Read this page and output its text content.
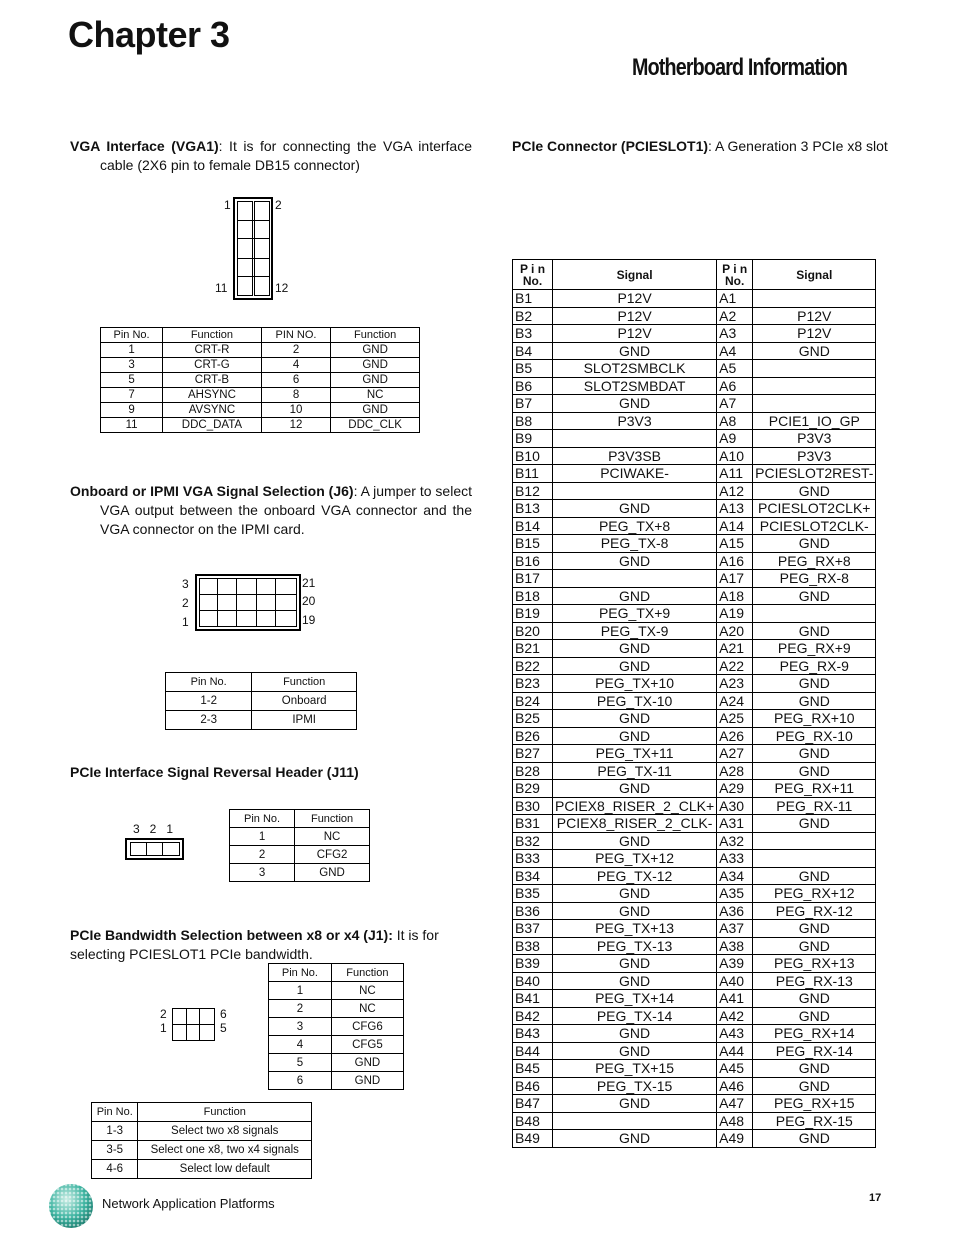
Chapter 3
Motherboard Information
VGA Interface (VGA1): It is for connecting the VGA interface cable (2X6 pin to female DB15 connector)
1	2
11	12
Pin No.	Function	PIN NO.	Function
1	CRT-R	2	GND
3	CRT-G	4	GND
5	CRT-B	6	GND
7	AHSYNC	8	NC
9	AVSYNC	10	GND
11	DDC_DATA	12	DDC_CLK
Onboard or IPMI VGA Signal Selection (J6): A jumper to select VGA output between the onboard VGA connector and the VGA connector on the IPMI card.
3
2
1
21
20
19
Pin No.	Function
1-2	Onboard
2-3	IPMI
PCIe Interface Signal Reversal Header (J11)
3   2   1
Pin No.	Function
1	NC
2	CFG2
3	GND
PCIe Bandwidth Selection between x8 or x4 (J1): It is for selecting PCIESLOT1 PCIe bandwidth.
2
1
6
5
Pin No.	Function
1	NC
2	NC
3	CFG6
4	CFG5
5	GND
6	GND
Pin No.	Function
1-3	Select two x8 signals
3-5	Select one x8, two x4 signals
4-6	Select low default
PCIe Connector (PCIESLOT1): A Generation 3 PCIe x8 slot
P i n No.	Signal	P i n No.	Signal
B1	P12V	A1	
B2	P12V	A2	P12V
B3	P12V	A3	P12V
B4	GND	A4	GND
B5	SLOT2SMBCLK	A5	
B6	SLOT2SMBDAT	A6	
B7	GND	A7	
B8	P3V3	A8	PCIE1_IO_GP
B9		A9	P3V3
B10	P3V3SB	A10	P3V3
B11	PCIWAKE-	A11	PCIESLOT2REST-
B12		A12	GND
B13	GND	A13	PCIESLOT2CLK+
B14	PEG_TX+8	A14	PCIESLOT2CLK-
B15	PEG_TX-8	A15	GND
B16	GND	A16	PEG_RX+8
B17		A17	PEG_RX-8
B18	GND	A18	GND
B19	PEG_TX+9	A19	
B20	PEG_TX-9	A20	GND
B21	GND	A21	PEG_RX+9
B22	GND	A22	PEG_RX-9
B23	PEG_TX+10	A23	GND
B24	PEG_TX-10	A24	GND
B25	GND	A25	PEG_RX+10
B26	GND	A26	PEG_RX-10
B27	PEG_TX+11	A27	GND
B28	PEG_TX-11	A28	GND
B29	GND	A29	PEG_RX+11
B30	PCIEX8_RISER_2_CLK+	A30	PEG_RX-11
B31	PCIEX8_RISER_2_CLK-	A31	GND
B32	GND	A32	
B33	PEG_TX+12	A33	
B34	PEG_TX-12	A34	GND
B35	GND	A35	PEG_RX+12
B36	GND	A36	PEG_RX-12
B37	PEG_TX+13	A37	GND
B38	PEG_TX-13	A38	GND
B39	GND	A39	PEG_RX+13
B40	GND	A40	PEG_RX-13
B41	PEG_TX+14	A41	GND
B42	PEG_TX-14	A42	GND
B43	GND	A43	PEG_RX+14
B44	GND	A44	PEG_RX-14
B45	PEG_TX+15	A45	GND
B46	PEG_TX-15	A46	GND
B47	GND	A47	PEG_RX+15
B48		A48	PEG_RX-15
B49	GND	A49	GND
Network Application Platforms	17
